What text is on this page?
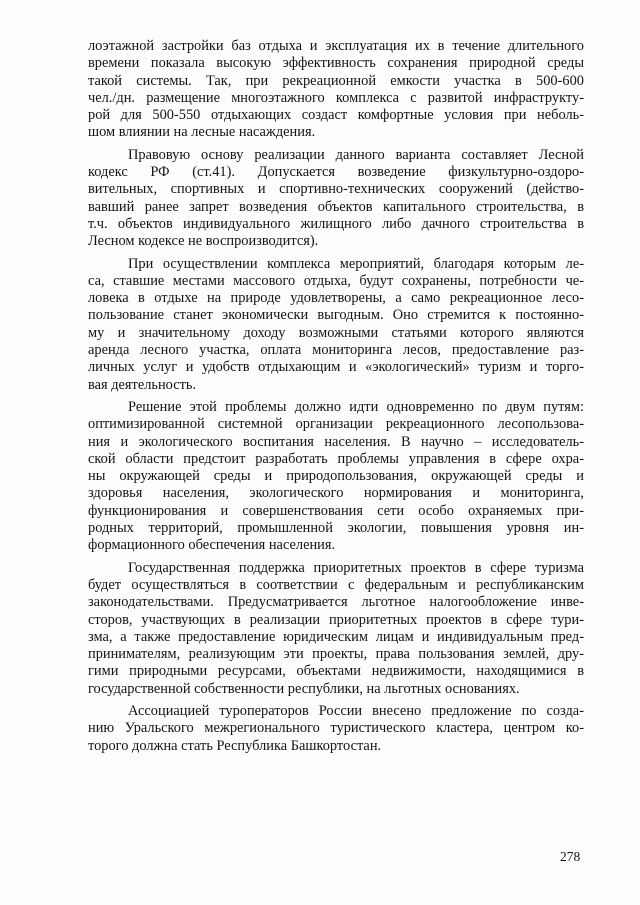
лоэтажной застройки баз отдыха и эксплуатация их в течение длительного
времени показала высокую эффективность сохранения природной среды
такой системы. Так, при рекреационной емкости участка в 500-600
чел./дн. размещение многоэтажного комплекса с развитой инфраструкту-
рой для 500-550 отдыхающих создаст комфортные условия при неболь-
шом влиянии на лесные насаждения.

Правовую основу реализации данного варианта составляет Лесной
кодекс РФ (ст.41). Допускается возведение физкультурно-оздоро-
вительных, спортивных и спортивно-технических сооружений (действо-
вавший ранее запрет возведения объектов капитального строительства, в
т.ч. объектов индивидуального жилищного либо дачного строительства в
Лесном кодексе не воспроизводится).

При осуществлении комплекса мероприятий, благодаря которым ле-
са, ставшие местами массового отдыха, будут сохранены, потребности че-
ловека в отдыхе на природе удовлетворены, а само рекреационное лесо-
пользование станет экономически выгодным. Оно стремится к постоянно-
му и значительному доходу возможными статьями которого являются
аренда лесного участка, оплата мониторинга лесов, предоставление раз-
личных услуг и удобств отдыхающим и «экологический» туризм и торго-
вая деятельность.

Решение этой проблемы должно идти одновременно по двум путям:
оптимизированной системной организации рекреационного лесопользова-
ния и экологического воспитания населения. В научно – исследователь-
ской области предстоит разработать проблемы управления в сфере охра-
ны окружающей среды и природопользования, окружающей среды и
здоровья населения, экологического нормирования и мониторинга,
функционирования и совершенствования сети особо охраняемых при-
родных территорий, промышленной экологии, повышения уровня ин-
формационного обеспечения населения.

Государственная поддержка приоритетных проектов в сфере туризма
будет осуществляться в соответствии с федеральным и республиканским
законодательствами. Предусматривается льготное налогообложение инве-
сторов, участвующих в реализации приоритетных проектов в сфере тури-
зма, а также предоставление юридическим лицам и индивидуальным пред-
принимателям, реализующим эти проекты, права пользования землей, дру-
гими природными ресурсами, объектами недвижимости, находящимися в
государственной собственности республики, на льготных основаниях.

Ассоциацией туроператоров России внесено предложение по созда-
нию Уральского межрегионального туристического кластера, центром ко-
торого должна стать Республика Башкортостан.

278
